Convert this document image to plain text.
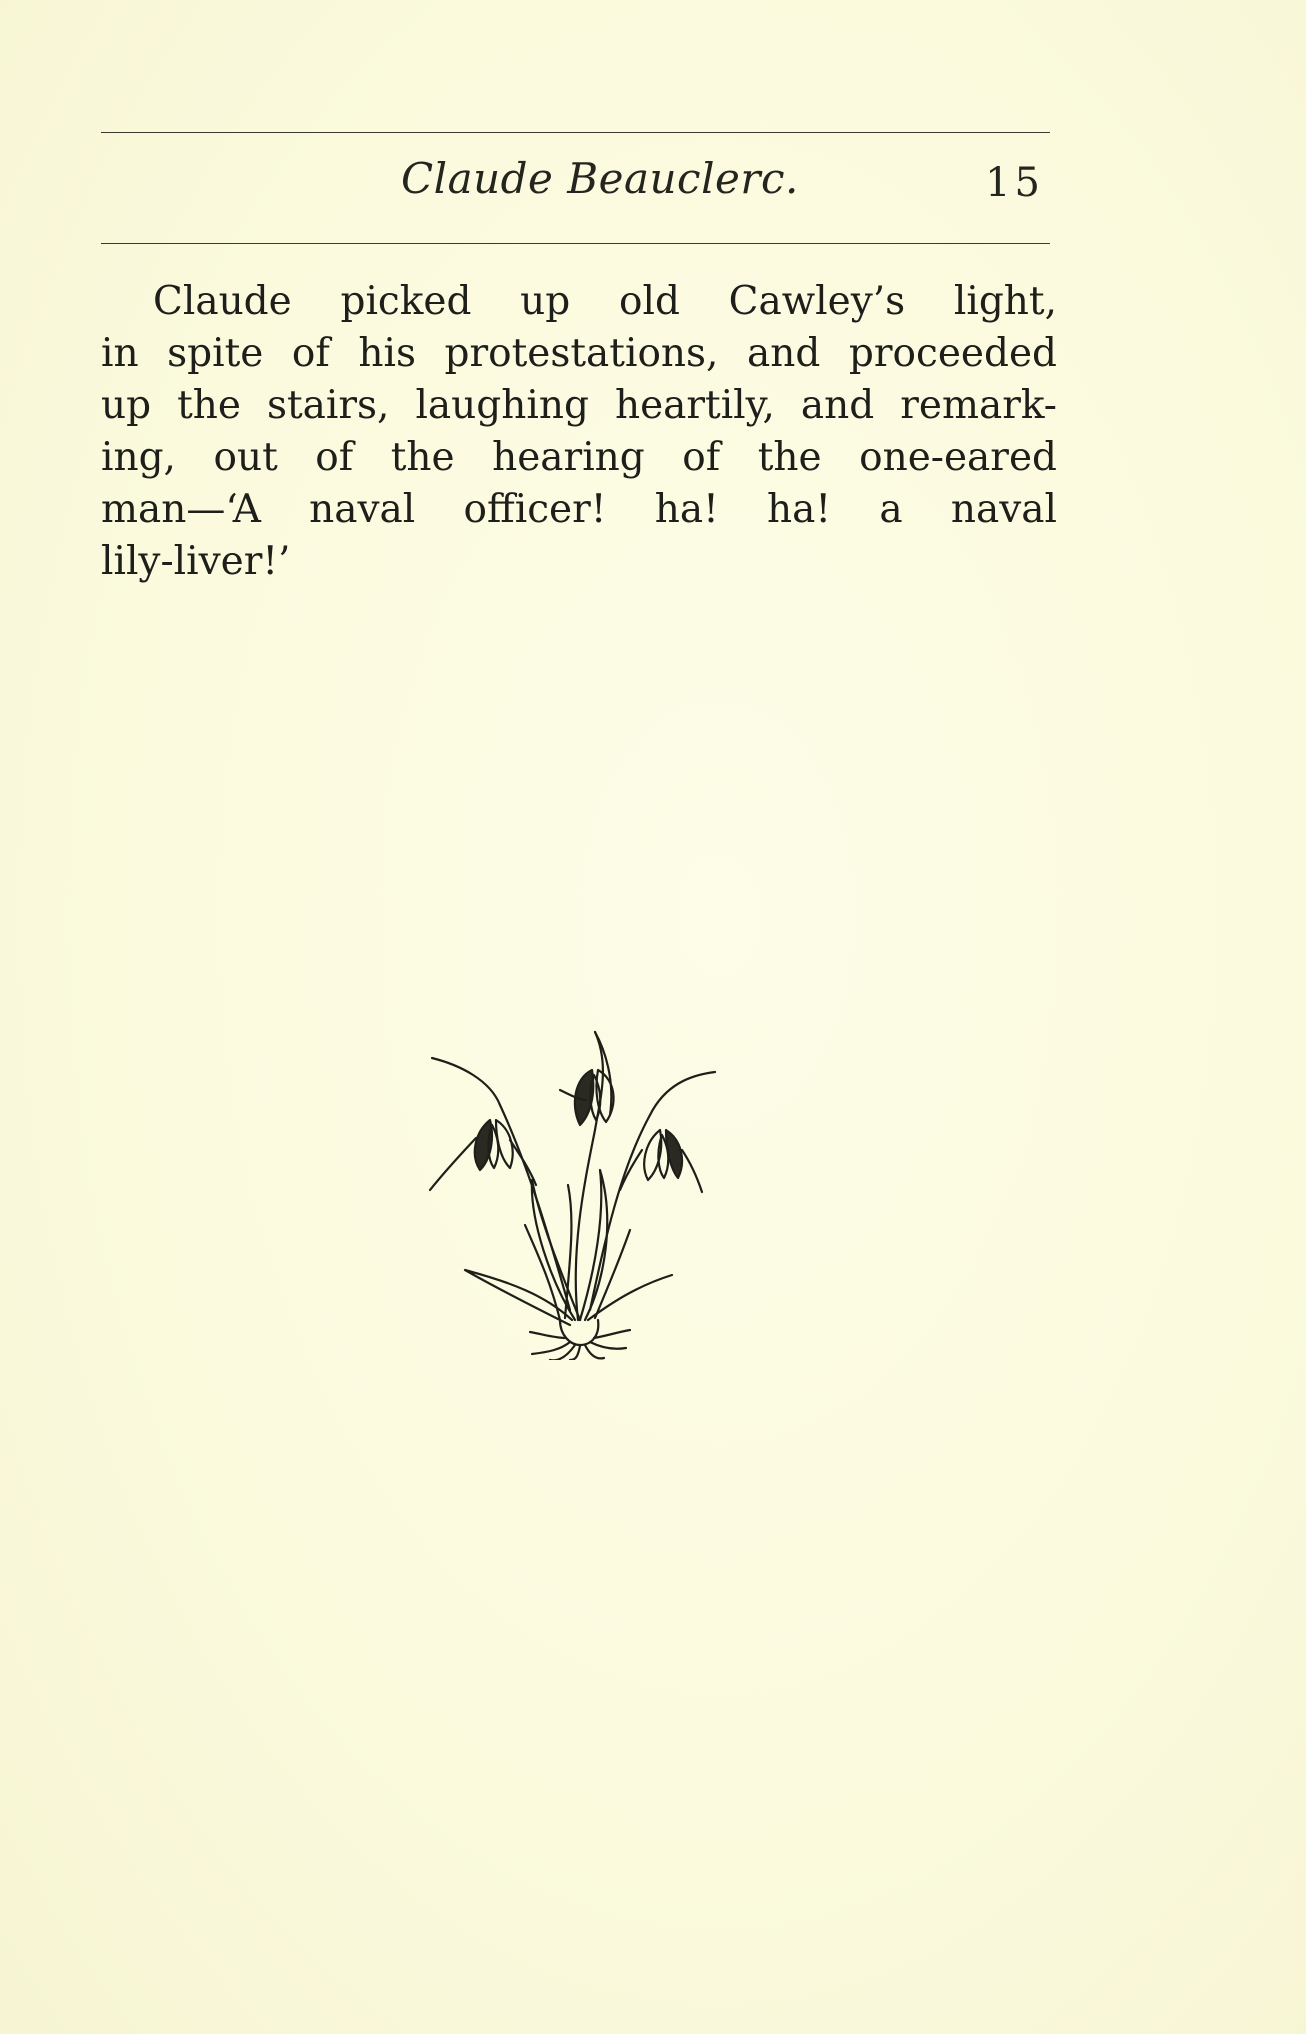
Claude Beauclerc.	15
Claude picked up old Cawley’s light,
in spite of his protestations, and proceeded
up the stairs, laughing heartily, and remark-
ing, out of the hearing of the one-eared
man—‘A naval officer! ha! ha! a naval
lily-liver!’
